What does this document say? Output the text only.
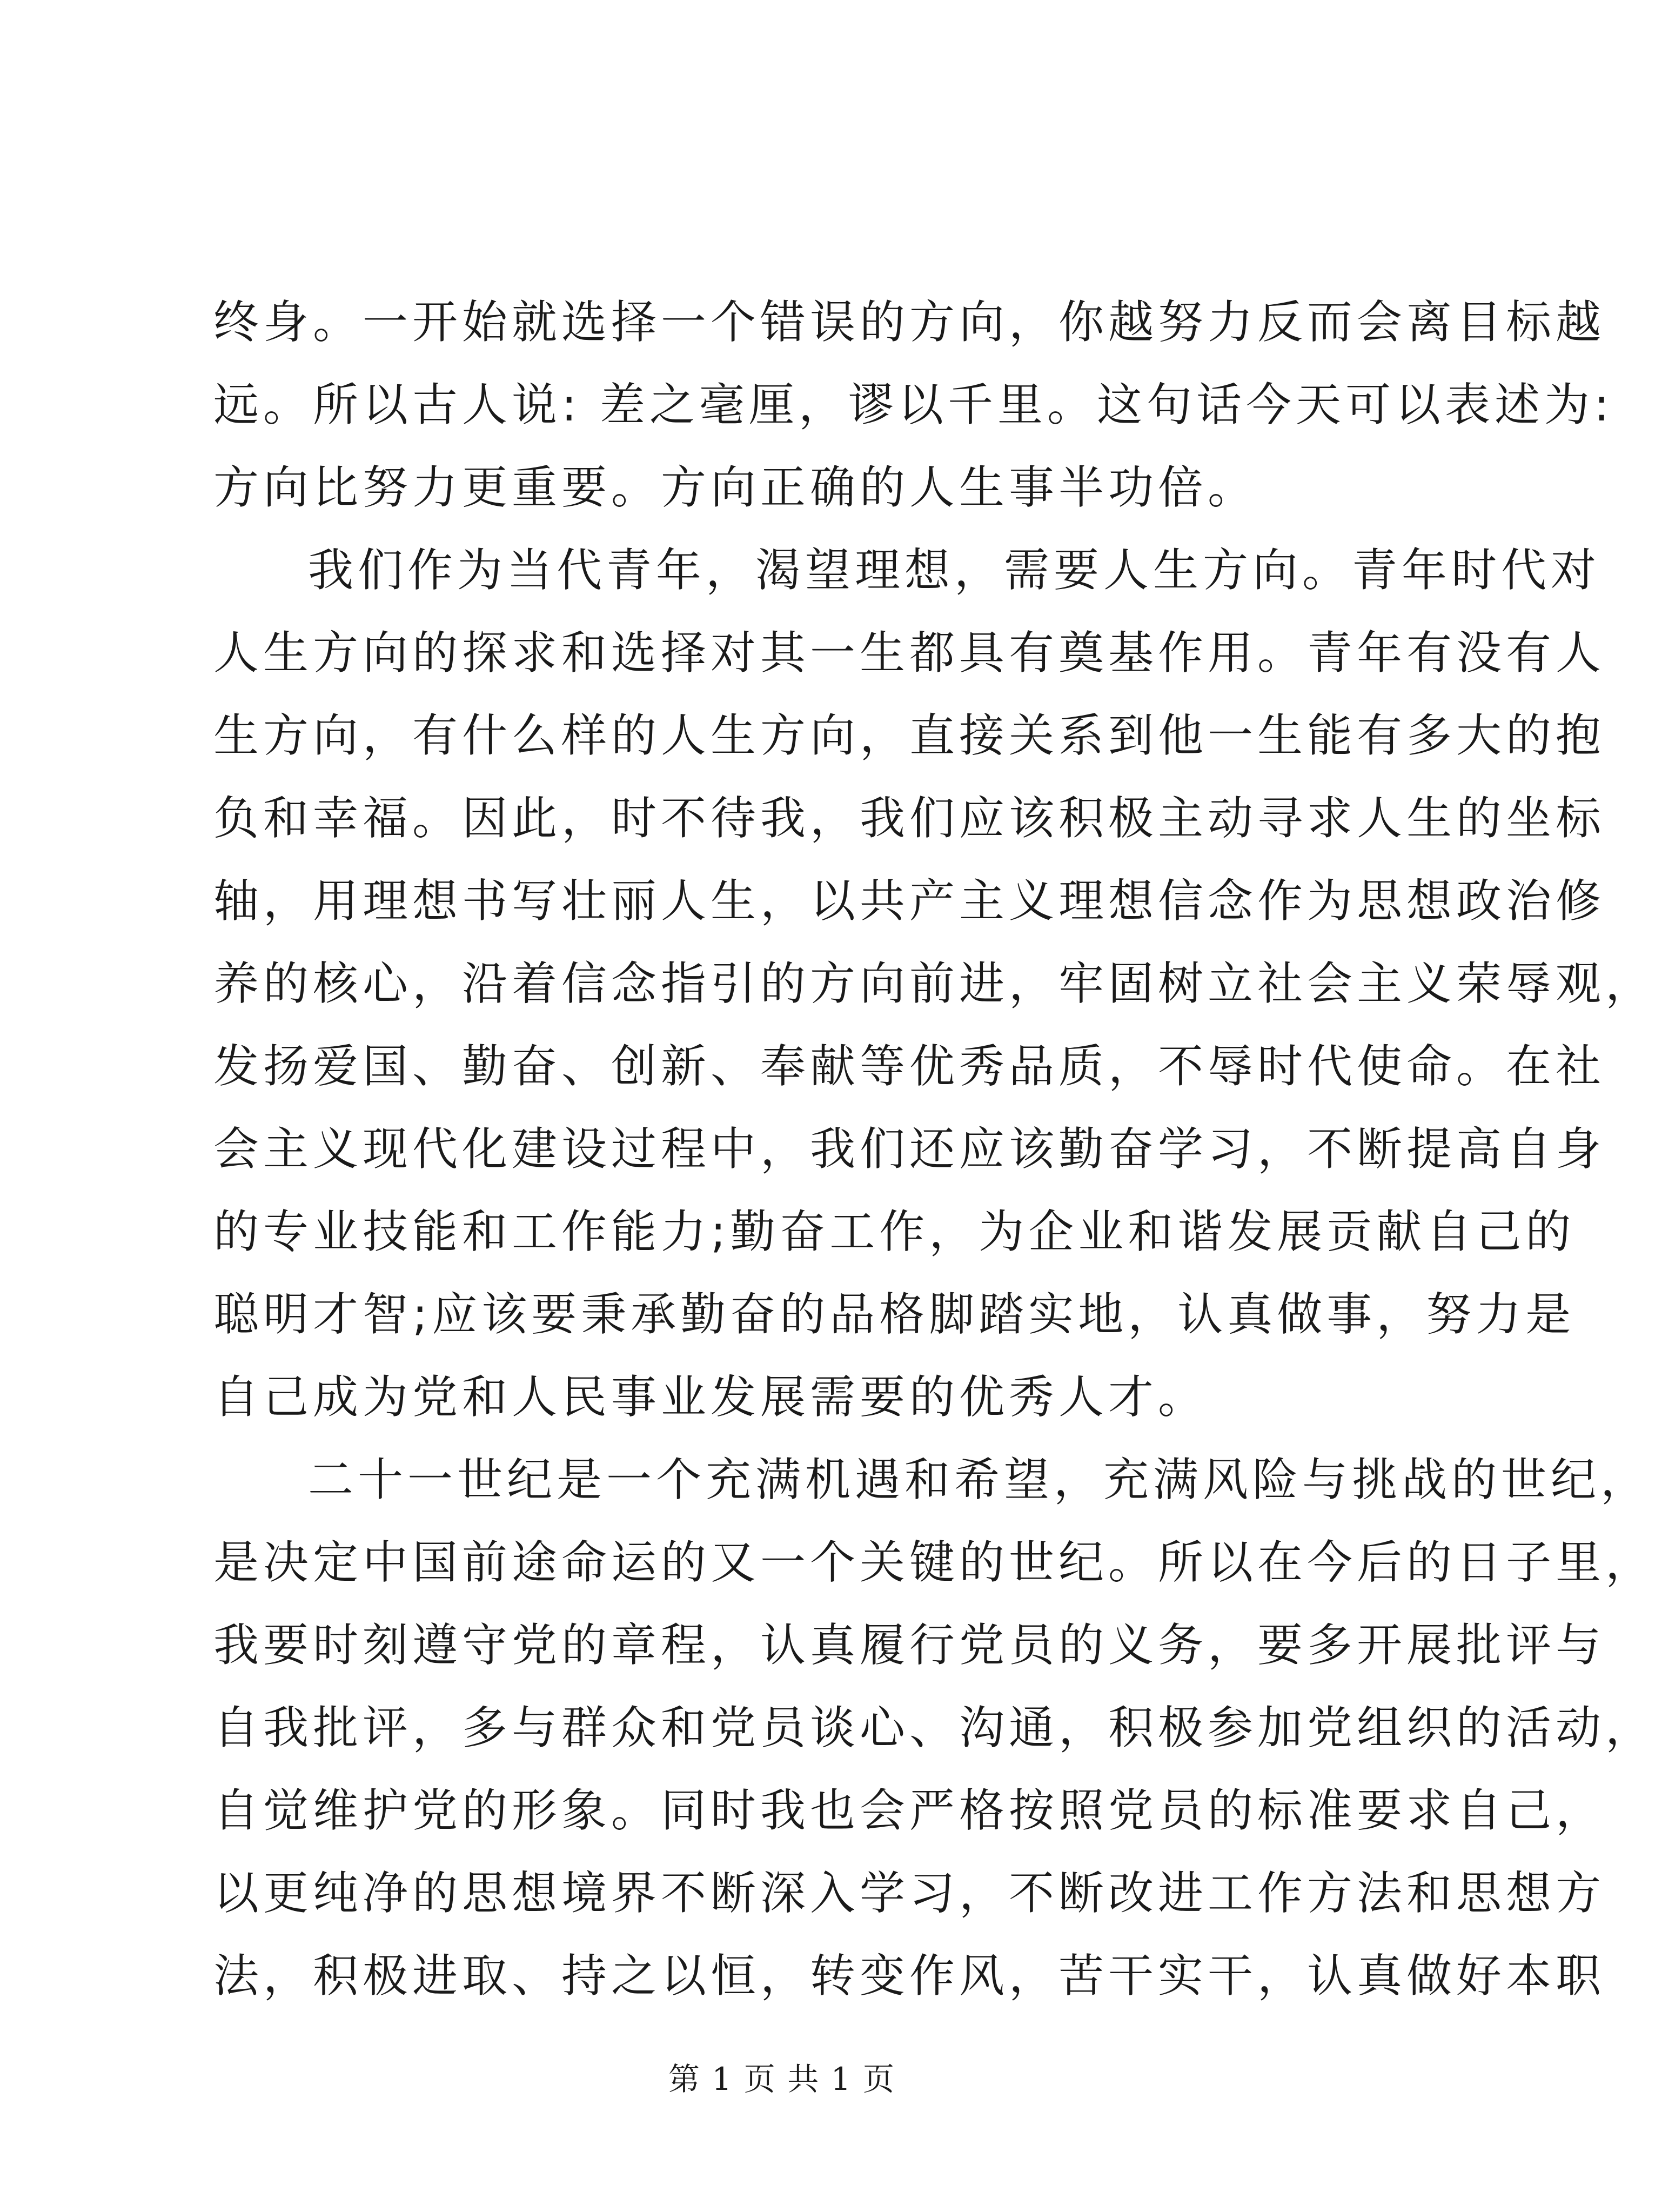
终身。一开始就选择一个错误的方向，你越努力反而会离目标越
远。所以古人说: 差之毫厘，谬以千里。这句话今天可以表述为:
方向比努力更重要。方向正确的人生事半功倍。
我们作为当代青年，渴望理想，需要人生方向。青年时代对
人生方向的探求和选择对其一生都具有奠基作用。青年有没有人
生方向，有什么样的人生方向，直接关系到他一生能有多大的抱
负和幸福。因此，时不待我，我们应该积极主动寻求人生的坐标
轴，用理想书写壮丽人生，以共产主义理想信念作为思想政治修
养的核心，沿着信念指引的方向前进，牢固树立社会主义荣辱观，
发扬爱国、勤奋、创新、奉献等优秀品质，不辱时代使命。在社
会主义现代化建设过程中，我们还应该勤奋学习，不断提高自身
的专业技能和工作能力;勤奋工作，为企业和谐发展贡献自己的
聪明才智;应该要秉承勤奋的品格脚踏实地，认真做事，努力是
自己成为党和人民事业发展需要的优秀人才。
二十一世纪是一个充满机遇和希望，充满风险与挑战的世纪，
是决定中国前途命运的又一个关键的世纪。所以在今后的日子里，
我要时刻遵守党的章程，认真履行党员的义务，要多开展批评与
自我批评，多与群众和党员谈心、沟通，积极参加党组织的活动，
自觉维护党的形象。同时我也会严格按照党员的标准要求自己，
以更纯净的思想境界不断深入学习，不断改进工作方法和思想方
法，积极进取、持之以恒，转变作风，苦干实干，认真做好本职
第 1 页 共 1 页
